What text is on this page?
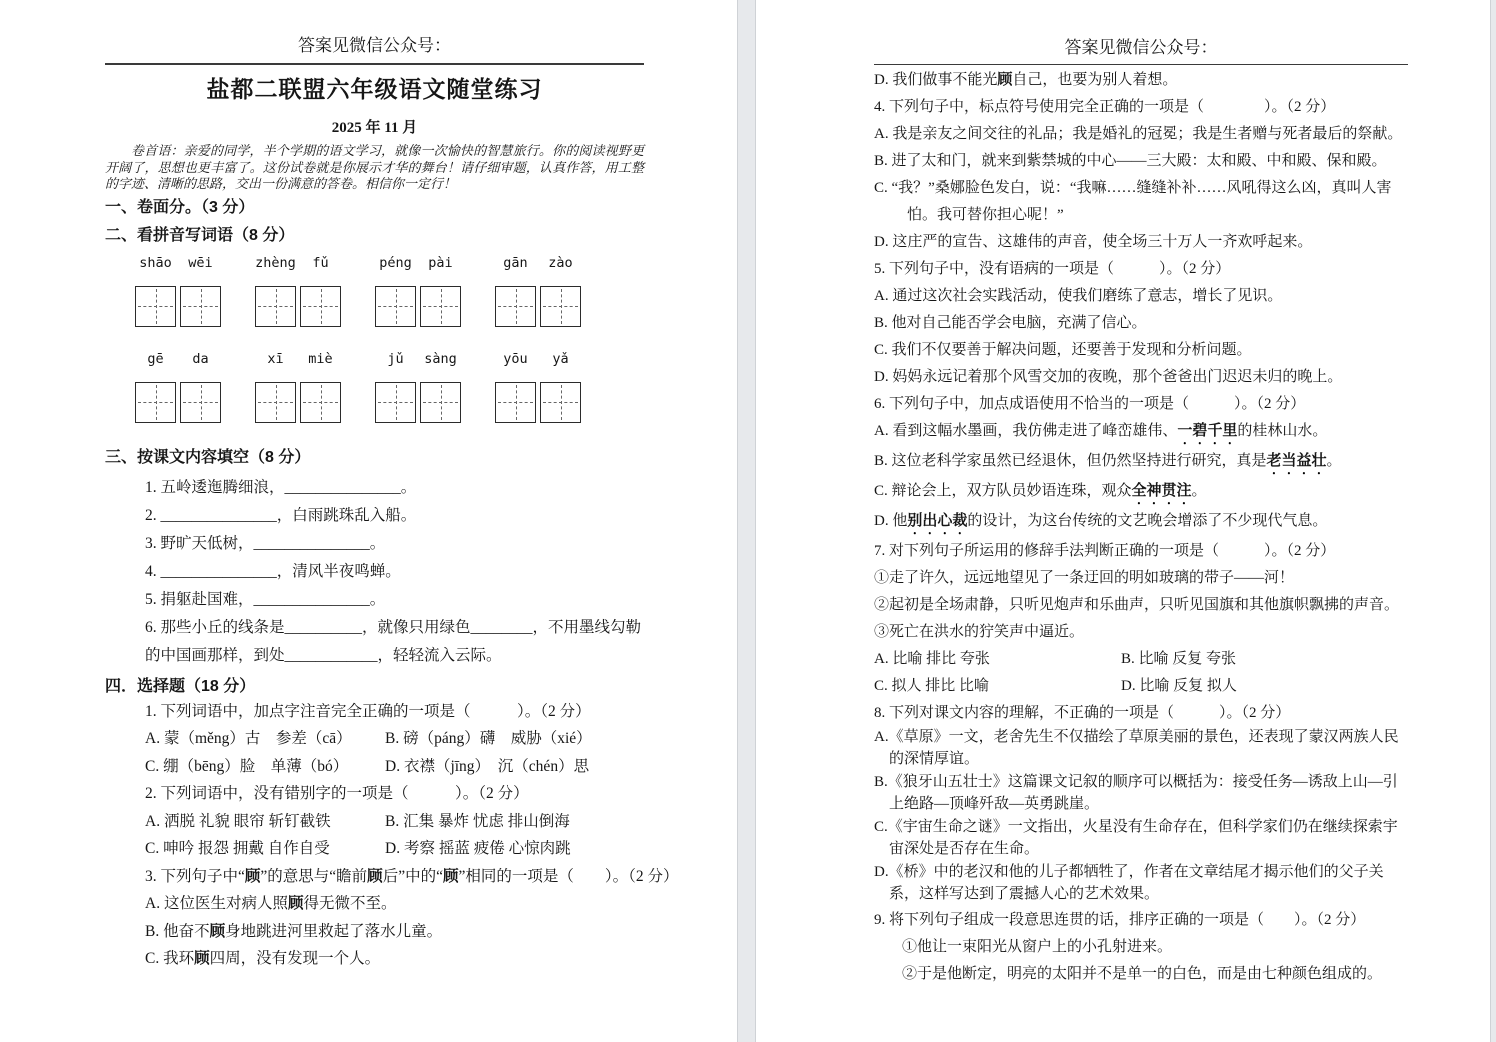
答案见微信公众号：
盐都二联盟六年级语文随堂练习
2025 年 11 月

卷首语：亲爱的同学，半个学期的语文学习，就像一次愉快的智慧旅行。你的阅读视野更开阔了，思想也更丰富了。这份试卷就是你展示才华的舞台！请仔细审题，认真作答，用工整的字迹、清晰的思路，交出一份满意的答卷。相信你一定行！

一、卷面分。（3 分）
二、看拼音写词语（8 分）
shāo wēi	zhèng fǔ	péng pài	gān zào
gē da	xī miè	jǔ sàng	yōu yǎ
三、按课文内容填空（8 分）

1. 五岭逶迤腾细浪，_______________。

2. _______________，白雨跳珠乱入船。

3. 野旷天低树，_______________。

4. _______________，清风半夜鸣蝉。

5. 捐躯赴国难，_______________。

6. 那些小丘的线条是__________，就像只用绿色________，不用墨线勾勒

的中国画那样，到处____________，轻轻流入云际。

四．选择题（18 分）

1. 下列词语中，加点字注音完全正确的一项是（　　　）。（2 分）

A. 蒙（měng）古　参差（cā）	B. 磅（páng）礴　威胁（xié）
C. 绷（bēng）脸　单薄（bó）	D. 衣襟（jīng）　沉（chén）思

2. 下列词语中，没有错别字的一项是（　　　）。（2 分）

A. 洒脱 礼貌 眼帘 斩钉截铁	B. 汇集 暴炸 忧虑 排山倒海
C. 呻吟 报怨 拥戴 自作自受	D. 考察 摇蓝 疲倦 心惊肉跳

3. 下列句子中“顾”的意思与“瞻前顾后”中的“顾”相同的一项是（　　）。（2 分）

A. 这位医生对病人照顾得无微不至。

B. 他奋不顾身地跳进河里救起了落水儿童。

C. 我环顾四周，没有发现一个人。

答案见微信公众号：

D. 我们做事不能光顾自己，也要为别人着想。

4. 下列句子中，标点符号使用完全正确的一项是（　　　　）。（2 分）

A. 我是亲友之间交往的礼品；我是婚礼的冠冕；我是生者赠与死者最后的祭献。

B. 进了太和门，就来到紫禁城的中心——三大殿：太和殿、中和殿、保和殿。

C. “我？”桑娜脸色发白，说：“我嘛……缝缝补补……风吼得这么凶，真叫人害怕。我可替你担心呢！”

D. 这庄严的宣告、这雄伟的声音，使全场三十万人一齐欢呼起来。

5. 下列句子中，没有语病的一项是（　　　）。（2 分）

A. 通过这次社会实践活动，使我们磨练了意志，增长了见识。

B. 他对自己能否学会电脑，充满了信心。

C. 我们不仅要善于解决问题，还要善于发现和分析问题。

D. 妈妈永远记着那个风雪交加的夜晚，那个爸爸出门迟迟未归的晚上。

6. 下列句子中，加点成语使用不恰当的一项是（　　　）。（2 分）

A. 看到这幅水墨画，我仿佛走进了峰峦雄伟、一碧千里的桂林山水。

B. 这位老科学家虽然已经退休，但仍然坚持进行研究，真是老当益壮。

C. 辩论会上，双方队员妙语连珠，观众全神贯注。

D. 他别出心裁的设计，为这台传统的文艺晚会增添了不少现代气息。

7. 对下列句子所运用的修辞手法判断正确的一项是（　　　）。（2 分）

①走了许久，远远地望见了一条迂回的明如玻璃的带子——河！

②起初是全场肃静，只听见炮声和乐曲声，只听见国旗和其他旗帜飘拂的声音。

③死亡在洪水的狞笑声中逼近。

A. 比喻 排比 夸张	B. 比喻 反复 夸张
C. 拟人 排比 比喻	D. 比喻 反复 拟人

8. 下列对课文内容的理解，不正确的一项是（　　　）。（2 分）

A.《草原》一文，老舍先生不仅描绘了草原美丽的景色，还表现了蒙汉两族人民的深情厚谊。

B.《狼牙山五壮士》这篇课文记叙的顺序可以概括为：接受任务—诱敌上山—引上绝路—顶峰歼敌—英勇跳崖。

C.《宇宙生命之谜》一文指出，火星没有生命存在，但科学家们仍在继续探索宇宙深处是否存在生命。

D.《桥》中的老汉和他的儿子都牺牲了，作者在文章结尾才揭示他们的父子关系，这样写达到了震撼人心的艺术效果。

9. 将下列句子组成一段意思连贯的话，排序正确的一项是（　　）。（2 分）

①他让一束阳光从窗户上的小孔射进来。

②于是他断定，明亮的太阳并不是单一的白色，而是由七种颜色组成的。
